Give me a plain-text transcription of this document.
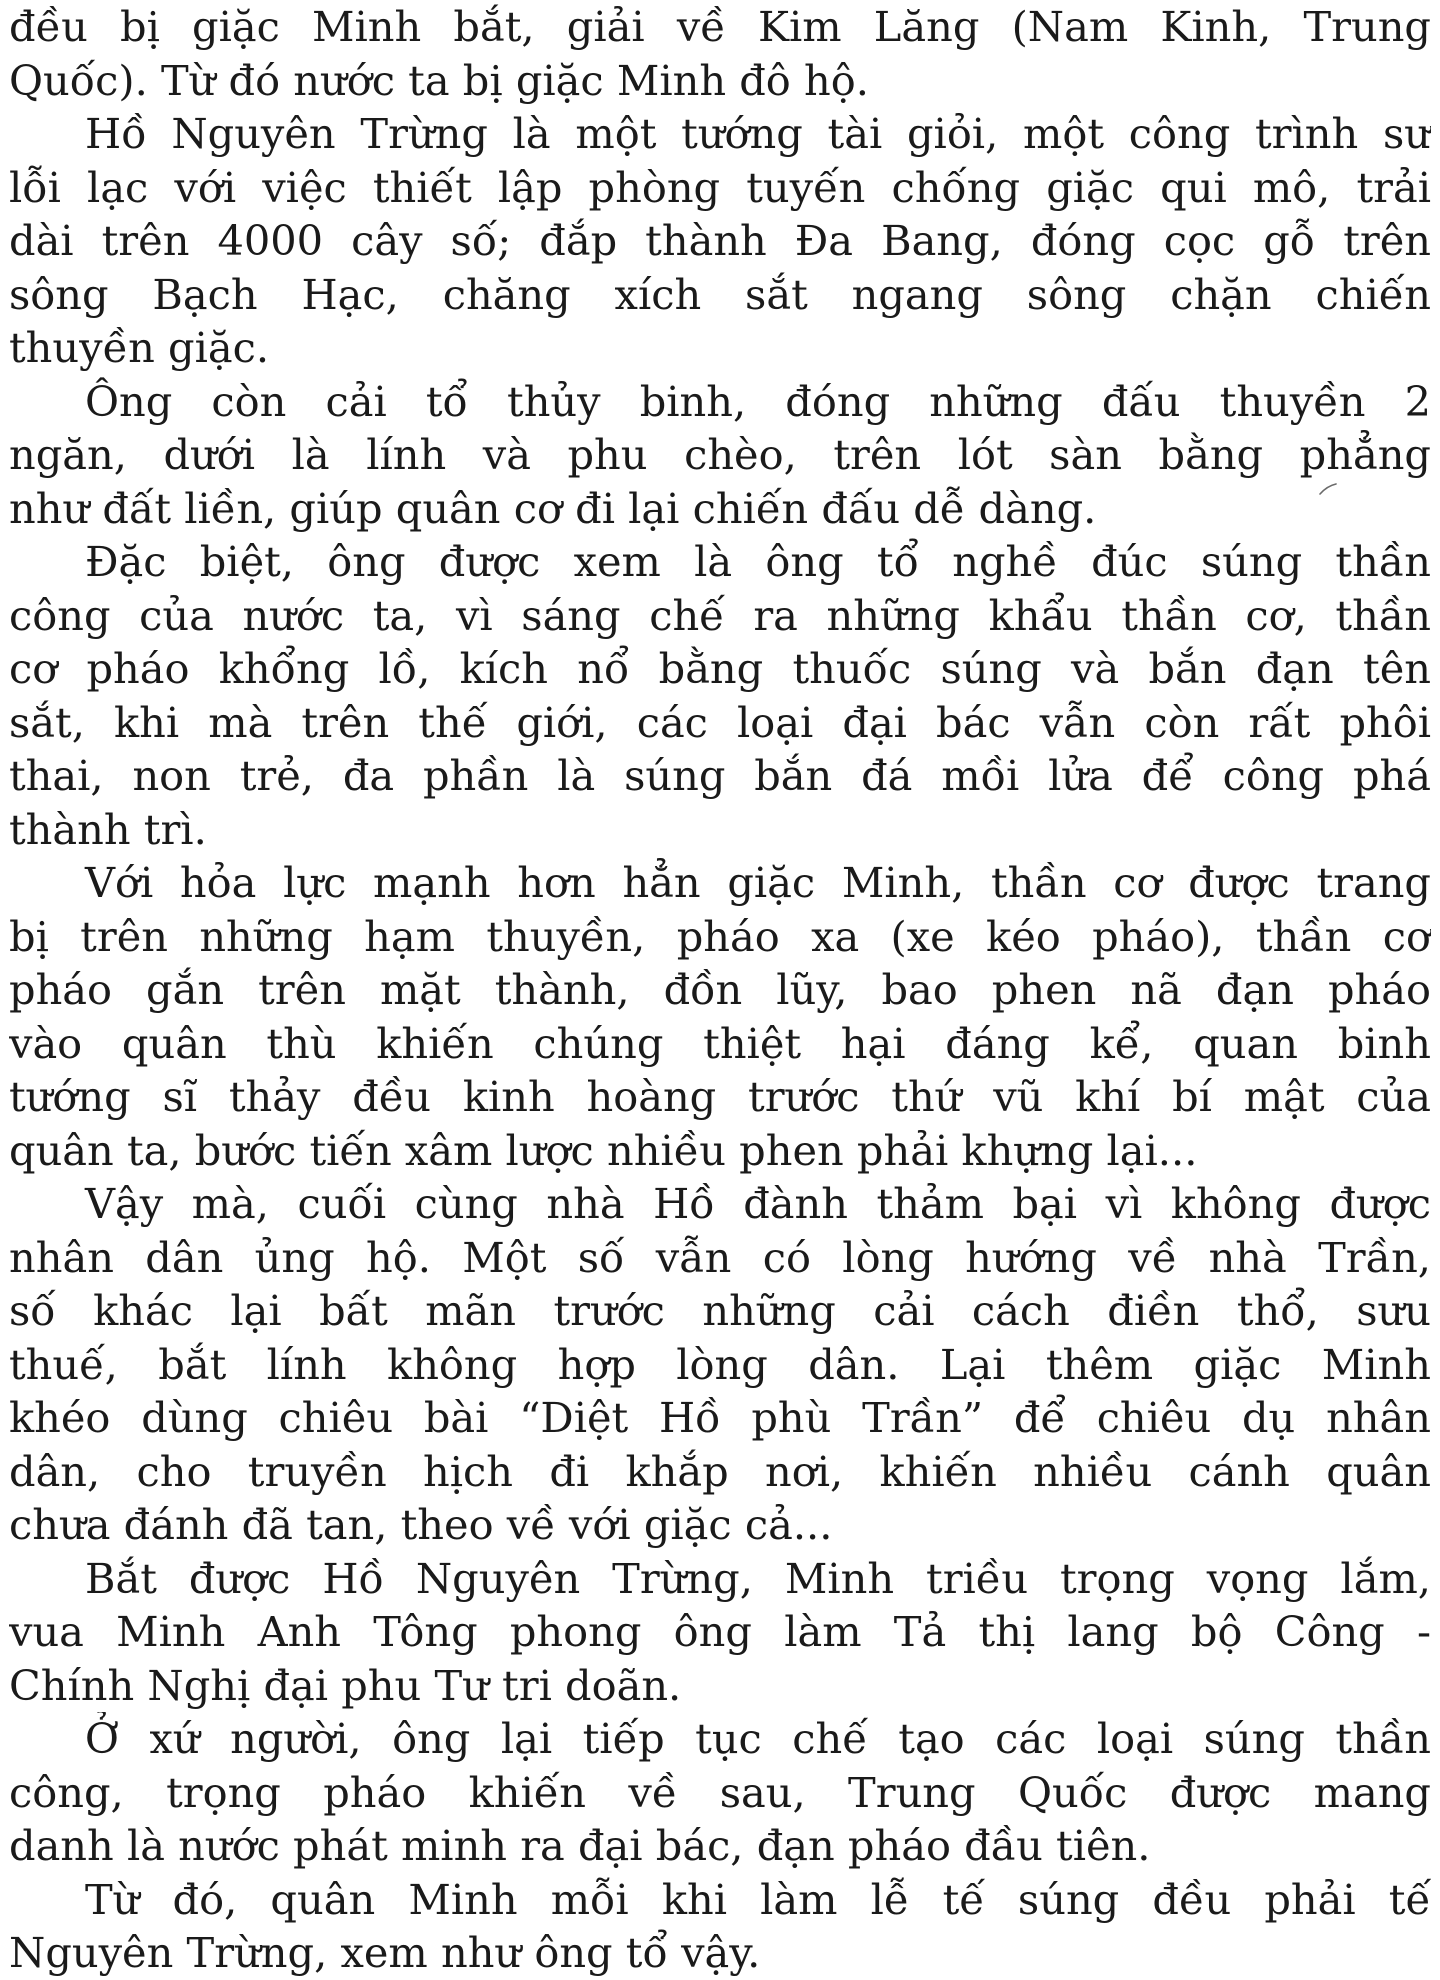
đều bị giặc Minh bắt, giải về Kim Lăng (Nam Kinh, Trung
Quốc). Từ đó nước ta bị giặc Minh đô hộ.
Hồ Nguyên Trừng là một tướng tài giỏi, một công trình sư
lỗi lạc với việc thiết lập phòng tuyến chống giặc qui mô, trải
dài trên 4000 cây số; đắp thành Đa Bang, đóng cọc gỗ trên
sông Bạch Hạc, chăng xích sắt ngang sông chặn chiến
thuyền giặc.
Ông còn cải tổ thủy binh, đóng những đấu thuyền 2
ngăn, dưới là lính và phu chèo, trên lót sàn bằng phẳng
như đất liền, giúp quân cơ đi lại chiến đấu dễ dàng.
Đặc biệt, ông được xem là ông tổ nghề đúc súng thần
công của nước ta, vì sáng chế ra những khẩu thần cơ, thần
cơ pháo khổng lồ, kích nổ bằng thuốc súng và bắn đạn tên
sắt, khi mà trên thế giới, các loại đại bác vẫn còn rất phôi
thai, non trẻ, đa phần là súng bắn đá mồi lửa để công phá
thành trì.
Với hỏa lực mạnh hơn hẳn giặc Minh, thần cơ được trang
bị trên những hạm thuyền, pháo xa (xe kéo pháo), thần cơ
pháo gắn trên mặt thành, đồn lũy, bao phen nã đạn pháo
vào quân thù khiến chúng thiệt hại đáng kể, quan binh
tướng sĩ thảy đều kinh hoàng trước thứ vũ khí bí mật của
quân ta, bước tiến xâm lược nhiều phen phải khựng lại...
Vậy mà, cuối cùng nhà Hồ đành thảm bại vì không được
nhân dân ủng hộ. Một số vẫn có lòng hướng về nhà Trần,
số khác lại bất mãn trước những cải cách điền thổ, sưu
thuế, bắt lính không hợp lòng dân. Lại thêm giặc Minh
khéo dùng chiêu bài “Diệt Hồ phù Trần” để chiêu dụ nhân
dân, cho truyền hịch đi khắp nơi, khiến nhiều cánh quân
chưa đánh đã tan, theo về với giặc cả...
Bắt được Hồ Nguyên Trừng, Minh triều trọng vọng lắm,
vua Minh Anh Tông phong ông làm Tả thị lang bộ Công -
Chính Nghị đại phu Tư tri doãn.
Ở xứ người, ông lại tiếp tục chế tạo các loại súng thần
công, trọng pháo khiến về sau, Trung Quốc được mang
danh là nước phát minh ra đại bác, đạn pháo đầu tiên.
Từ đó, quân Minh mỗi khi làm lễ tế súng đều phải tế
Nguyên Trừng, xem như ông tổ vậy.
